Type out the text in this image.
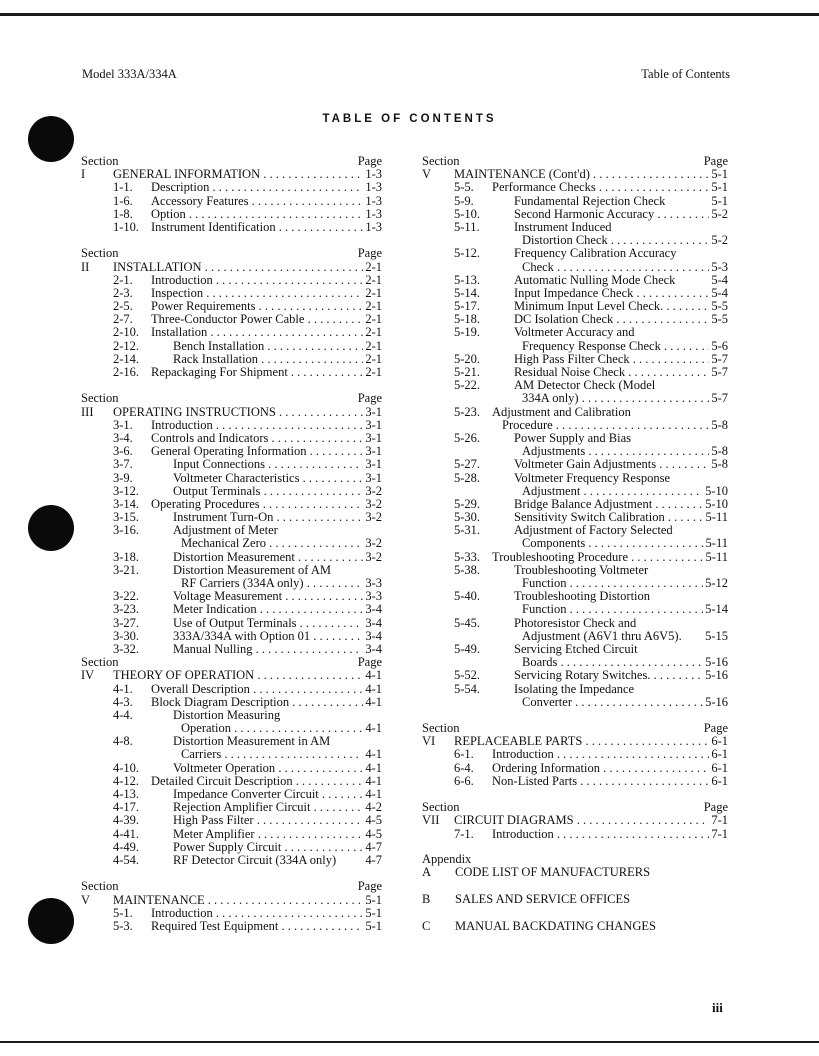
Model 333A/334A	Table of Contents
TABLE OF CONTENTS
Section	Page
I GENERAL INFORMATION . . .	1-3
1-1. Description . . .	1-3
1-6. Accessory Features . . .	1-3
1-8. Option . . .	1-3
1-10. Instrument Identification . . .	1-3
Section	Page
II INSTALLATION . . .	2-1
2-1. Introduction . . .	2-1
2-3. Inspection . . .	2-1
2-5. Power Requirements . . .	2-1
2-7. Three-Conductor Power Cable . . .	2-1
2-10. Installation . . .	2-1
2-12.	Bench Installation . . .	2-1
2-14.	Rack Installation . . .	2-1
2-16. Repackaging For Shipment . . .	2-1
Section	Page
III OPERATING INSTRUCTIONS . . .	3-1
3-1. Introduction . . .	3-1
3-4. Controls and Indicators . . .	3-1
3-6. General Operating Information . . .	3-1
3-7.	Input Connections . . .	3-1
3-9.	Voltmeter Characteristics . . .	3-1
3-12.	Output Terminals . . .	3-2
3-14. Operating Procedures . . .	3-2
3-15.	Instrument Turn-On . . .	3-2
3-16.	Adjustment of Meter
Mechanical Zero . . .	3-2
3-18.	Distortion Measurement . . .	3-2
3-21.	Distortion Measurement of AM
RF Carriers (334A only) . . .	3-3
3-22.	Voltage Measurement . . .	3-3
3-23.	Meter Indication . . .	3-4
3-27.	Use of Output Terminals . . .	3-4
3-30.	333A/334A with Option 01 . . .	3-4
3-32.	Manual Nulling . . .	3-4
Section	Page
IV THEORY OF OPERATION . . .	4-1
4-1. Overall Description . . .	4-1
4-3. Block Diagram Description . . .	4-1
4-4.	Distortion Measuring
Operation . . .	4-1
4-8.	Distortion Measurement in AM
Carriers . . .	4-1
4-10.	Voltmeter Operation . . .	4-1
4-12. Detailed Circuit Description . . .	4-1
4-13.	Impedance Converter Circuit . . .	4-1
4-17.	Rejection Amplifier Circuit . . .	4-2
4-39.	High Pass Filter . . .	4-5
4-41.	Meter Amplifier . . .	4-5
4-49.	Power Supply Circuit . . .	4-7
4-54.	RF Detector Circuit (334A only)	4-7
Section	Page
V MAINTENANCE . . .	5-1
5-1. Introduction . . .	5-1
5-3. Required Test Equipment . . .	5-1
Section	Page
V MAINTENANCE (Cont'd) . . .	5-1
5-5. Performance Checks . . .	5-1
5-9.	Fundamental Rejection Check	5-1
5-10.	Second Harmonic Accuracy . . .	5-2
5-11.	Instrument Induced
Distortion Check . . .	5-2
5-12.	Frequency Calibration Accuracy
Check . . .	5-3
5-13.	Automatic Nulling Mode Check	5-4
5-14.	Input Impedance Check . . .	5-4
5-17.	Minimum Input Level Check. . . .	5-5
5-18.	DC Isolation Check . . .	5-5
5-19.	Voltmeter Accuracy and
Frequency Response Check . . .	5-6
5-20.	High Pass Filter Check . . .	5-7
5-21.	Residual Noise Check . . .	5-7
5-22.	AM Detector Check (Model
334A only) . . .	5-7
5-23. Adjustment and Calibration
Procedure . . .	5-8
5-26.	Power Supply and Bias
Adjustments . . .	5-8
5-27.	Voltmeter Gain Adjustments . . .	5-8
5-28.	Voltmeter Frequency Response
Adjustment . . .	5-10
5-29.	Bridge Balance Adjustment . . .	5-10
5-30.	Sensitivity Switch Calibration . . .	5-11
5-31.	Adjustment of Factory Selected
Components . . .	5-11
5-33. Troubleshooting Procedure . . .	5-11
5-38.	Troubleshooting Voltmeter
Function . . .	5-12
5-40.	Troubleshooting Distortion
Function . . .	5-14
5-45.	Photoresistor Check and
Adjustment (A6V1 thru A6V5).	5-15
5-49.	Servicing Etched Circuit
Boards . . .	5-16
5-52.	Servicing Rotary Switches. . . .	5-16
5-54.	Isolating the Impedance
Converter . . .	5-16
Section	Page
VI REPLACEABLE PARTS . . .	6-1
6-1. Introduction . . .	6-1
6-4. Ordering Information . . .	6-1
6-6. Non-Listed Parts . . .	6-1
Section	Page
VII CIRCUIT DIAGRAMS . . .	7-1
7-1. Introduction . . .	7-1
Appendix
A CODE LIST OF MANUFACTURERS
B SALES AND SERVICE OFFICES
C MANUAL BACKDATING CHANGES
iii
